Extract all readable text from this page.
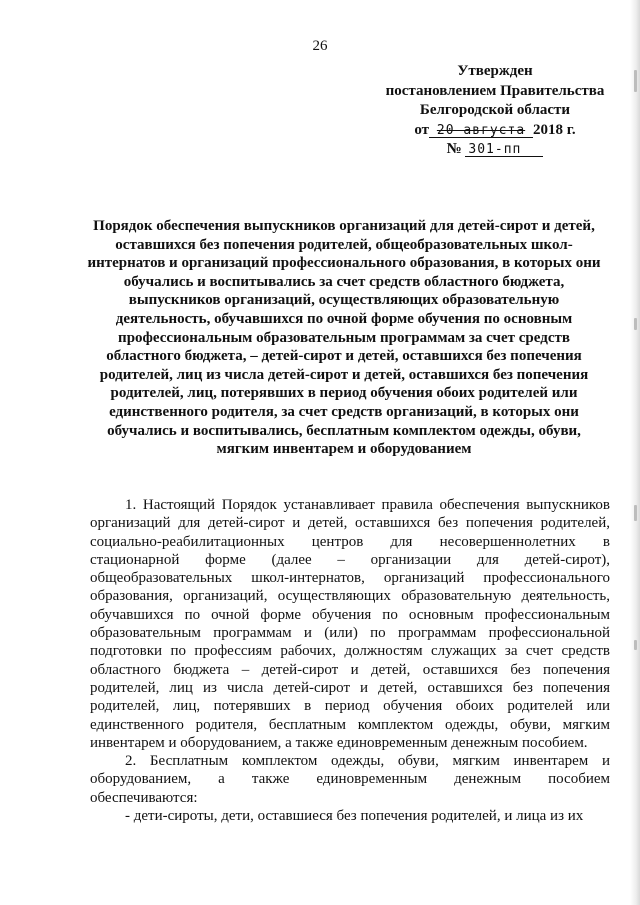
26
Утвержден
постановлением Правительства
Белгородской области
от 20 августа 2018 г.
№ 301-пп
Порядок обеспечения выпускников организаций для детей-сирот и детей,
оставшихся без попечения родителей, общеобразовательных школ-
интернатов и организаций профессионального образования, в которых они
обучались и воспитывались за счет средств областного бюджета,
выпускников организаций, осуществляющих образовательную
деятельность, обучавшихся по очной форме обучения по основным
профессиональным образовательным программам за счет средств
областного бюджета, – детей-сирот и детей, оставшихся без попечения
родителей, лиц из числа детей-сирот и детей, оставшихся без попечения
родителей, лиц, потерявших в период обучения обоих родителей или
единственного родителя, за счет средств организаций, в которых они
обучались и воспитывались, бесплатным комплектом одежды, обуви,
мягким инвентарем и оборудованием
1. Настоящий Порядок устанавливает правила обеспечения выпускников
организаций для детей-сирот и детей, оставшихся без попечения родителей,
социально-реабилитационных центров для несовершеннолетних в
стационарной форме (далее – организации для детей-сирот),
общеобразовательных школ-интернатов, организаций профессионального
образования, организаций, осуществляющих образовательную деятельность,
обучавшихся по очной форме обучения по основным профессиональным
образовательным программам и (или) по программам профессиональной
подготовки по профессиям рабочих, должностям служащих за счет средств
областного бюджета – детей-сирот и детей, оставшихся без попечения
родителей, лиц из числа детей-сирот и детей, оставшихся без попечения
родителей, лиц, потерявших в период обучения обоих родителей или
единственного родителя, бесплатным комплектом одежды, обуви, мягким
инвентарем и оборудованием, а также единовременным денежным пособием.
2. Бесплатным комплектом одежды, обуви, мягким инвентарем и
оборудованием, а также единовременным денежным пособием
обеспечиваются:
- дети-сироты, дети, оставшиеся без попечения родителей, и лица из их
